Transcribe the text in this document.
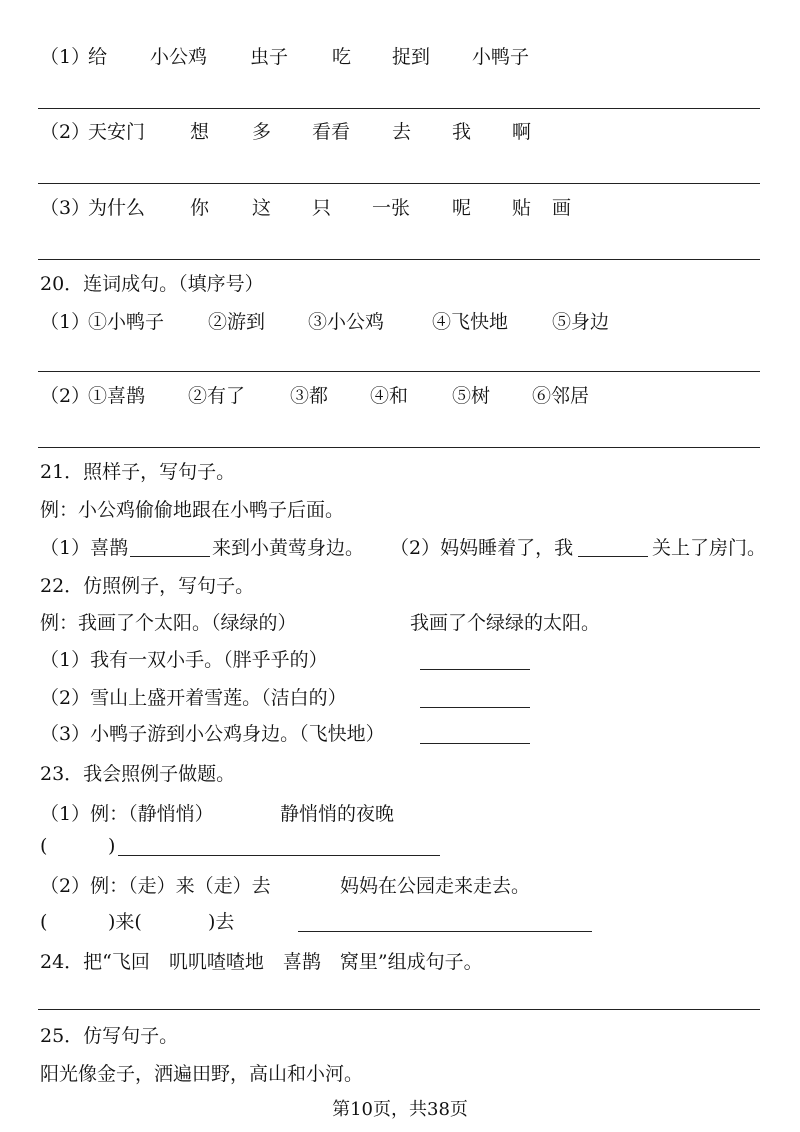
（1）
给 小公鸡 虫子 吃 捉到 小鸭子
（2）
天安门 想 多 看看 去 我 啊
（3）
为什么 你 这 只 一张 呢 贴 画
20．连词成句。（填序号）
（1）
①小鸭子 ②游到 ③小公鸡	④飞快地 ⑤身边
（2）
①喜鹊 ②有了 ③都 ④和 ⑤树 ⑥邻居
21．照样子，写句子。
例：小公鸡偷偷地跟在小鸭子后面。
（1）喜鹊	来到小黄莺身边。 （2）妈妈睡着了，我	关上了房门。
22．仿照例子，写句子。
例：我画了个太阳。（绿绿的）	我画了个绿绿的太阳。
（1）我有一双小手。（胖乎乎的）
（2）雪山上盛开着雪莲。（洁白的）
（3）小鸭子游到小公鸡身边。（飞快地）
23．我会照例子做题。
（1）例：（静悄悄）	静悄悄的夜晚
(	)
（2）例：（走）来（走）去	妈妈在公园走来走去。
(	)来(	)去
24．把“飞回　叽叽喳喳地　喜鹊　窝里”组成句子。
25．仿写句子。
阳光像金子，洒遍田野，高山和小河。
第10页，共38页
